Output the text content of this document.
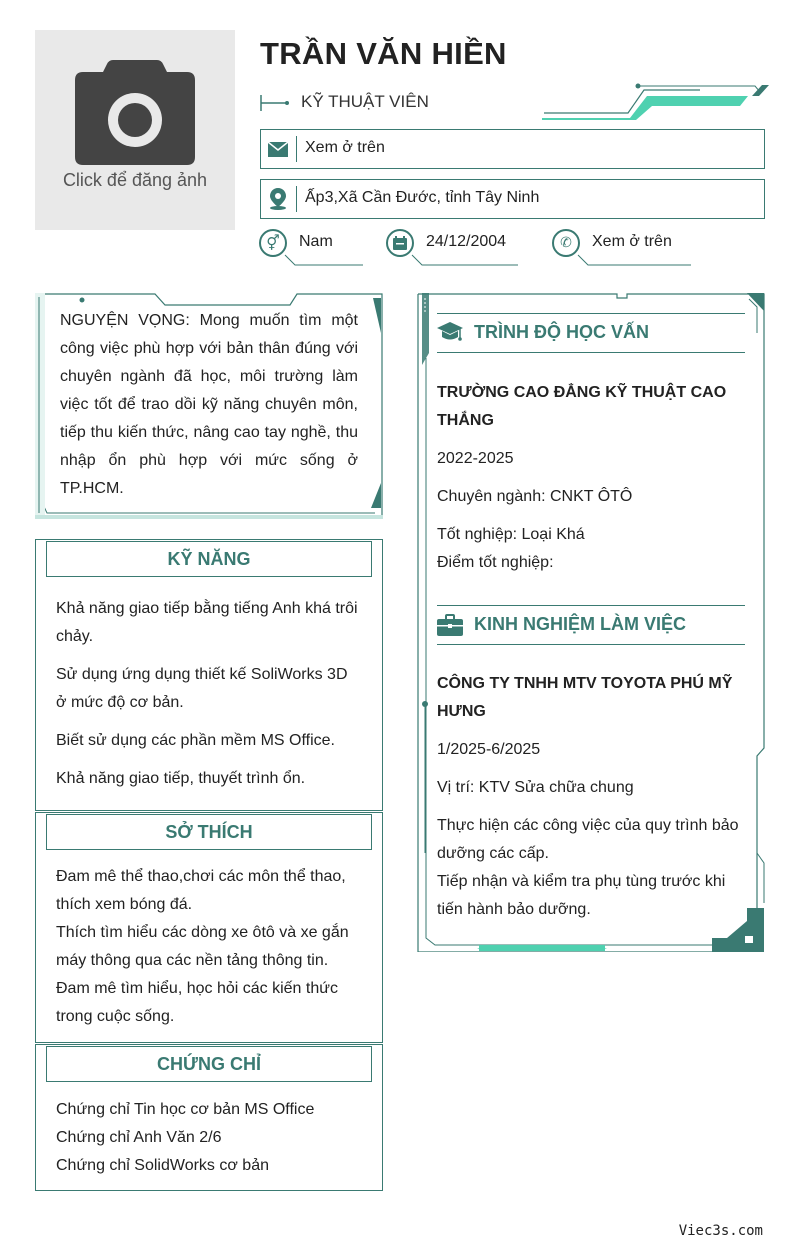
Click để đăng ảnh
TRẦN VĂN HIỀN
KỸ THUẬT VIÊN
Xem ở trên
Ấp3,Xã Cần Đước, tỉnh Tây Ninh
⚥ Nam	24/12/2004	✆ Xem ở trên
NGUYỆN VỌNG: Mong muốn tìm một công việc phù hợp với bản thân đúng với chuyên ngành đã học, môi trường làm việc tốt để trao dồi kỹ năng chuyên môn, tiếp thu kiến thức, nâng cao tay nghề, thu nhập ổn phù hợp với mức sống ở TP.HCM.
KỸ NĂNG

Khả năng giao tiếp bằng tiếng Anh khá trôi chảy.

Sử dụng ứng dụng thiết kế SoliWorks 3D ở mức độ cơ bản.

Biết sử dụng các phần mềm MS Office.

Khả năng giao tiếp, thuyết trình ổn.

SỞ THÍCH

Đam mê thể thao,chơi các môn thể thao, thích xem bóng đá.

Thích tìm hiểu các dòng xe ôtô và xe gắn máy thông qua các nền tảng thông tin.

Đam mê tìm hiểu, học hỏi các kiến thức trong cuộc sống.

CHỨNG CHỈ

Chứng chỉ Tin học cơ bản MS Office

Chứng chỉ Anh Văn 2/6

Chứng chỉ SolidWorks cơ bản

TRÌNH ĐỘ HỌC VẤN

TRƯỜNG CAO ĐẲNG KỸ THUẬT CAO THẮNG

2022-2025

Chuyên ngành: CNKT ÔTÔ

Tốt nghiệp: Loại Khá

Điểm tốt nghiệp:

KINH NGHIỆM LÀM VIỆC

CÔNG TY TNHH MTV TOYOTA PHÚ MỸ HƯNG

1/2025-6/2025

Vị trí: KTV Sửa chữa chung

Thực hiện các công việc của quy trình bảo dưỡng các cấp.

Tiếp nhận và kiểm tra phụ tùng trước khi tiến hành bảo dưỡng.

Viec3s.com
